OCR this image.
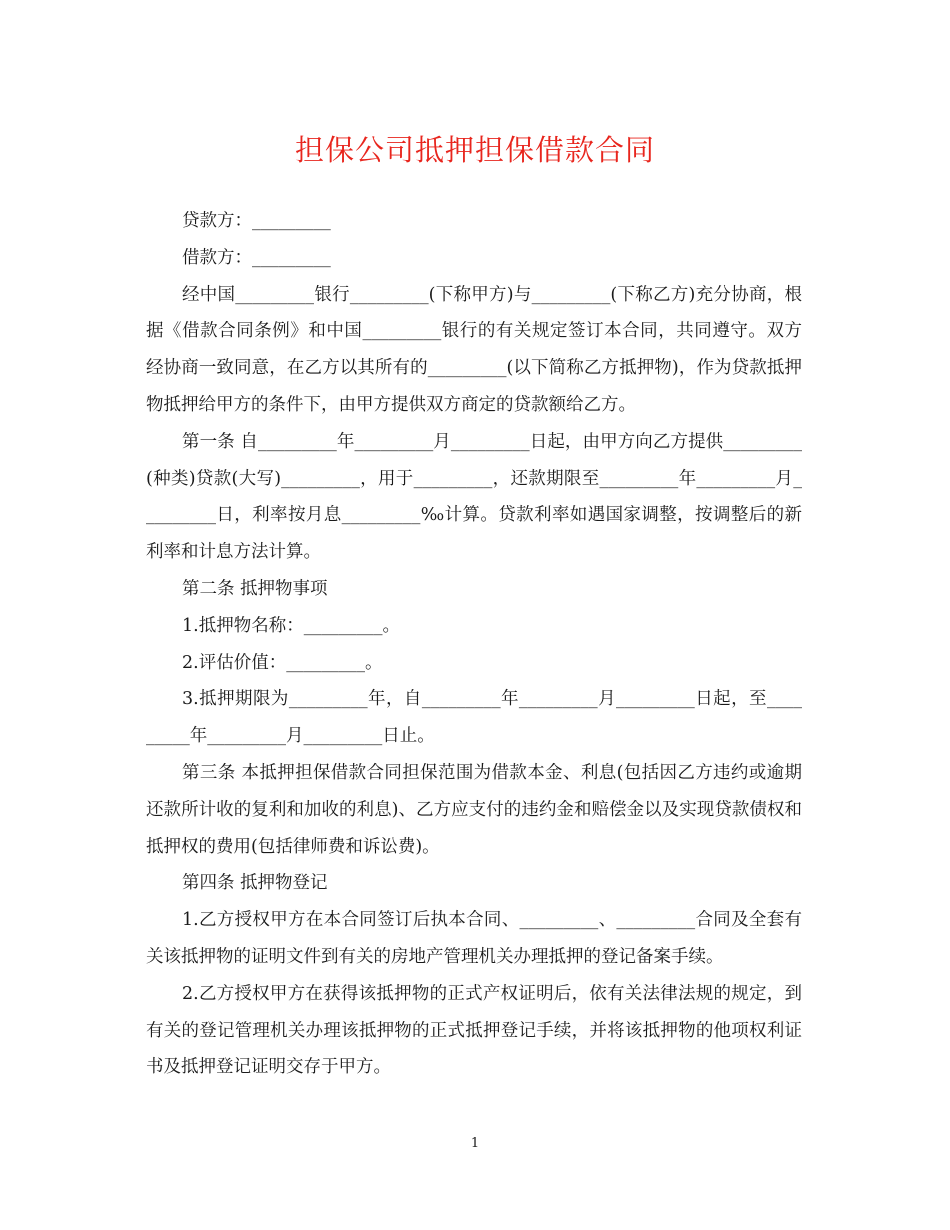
担保公司抵押担保借款合同

贷款方：_________

借款方：_________

经中国_________银行_________(下称甲方)与_________(下称乙方)充分协商，根据《借款合同条例》和中国_________银行的有关规定签订本合同，共同遵守。双方经协商一致同意，在乙方以其所有的_________(以下简称乙方抵押物)，作为贷款抵押物抵押给甲方的条件下，由甲方提供双方商定的贷款额给乙方。

第一条 自_________年_________月_________日起，由甲方向乙方提供_________(种类)贷款(大写)_________，用于_________，还款期限至_________年_________月_________日，利率按月息_________‰计算。贷款利率如遇国家调整，按调整后的新利率和计息方法计算。

第二条 抵押物事项

1.抵押物名称：_________。

2.评估价值：_________。

3.抵押期限为_________年，自_________年_________月_________日起，至_________年_________月_________日止。

第三条 本抵押担保借款合同担保范围为借款本金、利息(包括因乙方违约或逾期还款所计收的复利和加收的利息)、乙方应支付的违约金和赔偿金以及实现贷款债权和抵押权的费用(包括律师费和诉讼费)。

第四条 抵押物登记

1.乙方授权甲方在本合同签订后执本合同、_________、_________合同及全套有关该抵押物的证明文件到有关的房地产管理机关办理抵押的登记备案手续。

2.乙方授权甲方在获得该抵押物的正式产权证明后，依有关法律法规的规定，到有关的登记管理机关办理该抵押物的正式抵押登记手续，并将该抵押物的他项权利证书及抵押登记证明交存于甲方。

1
